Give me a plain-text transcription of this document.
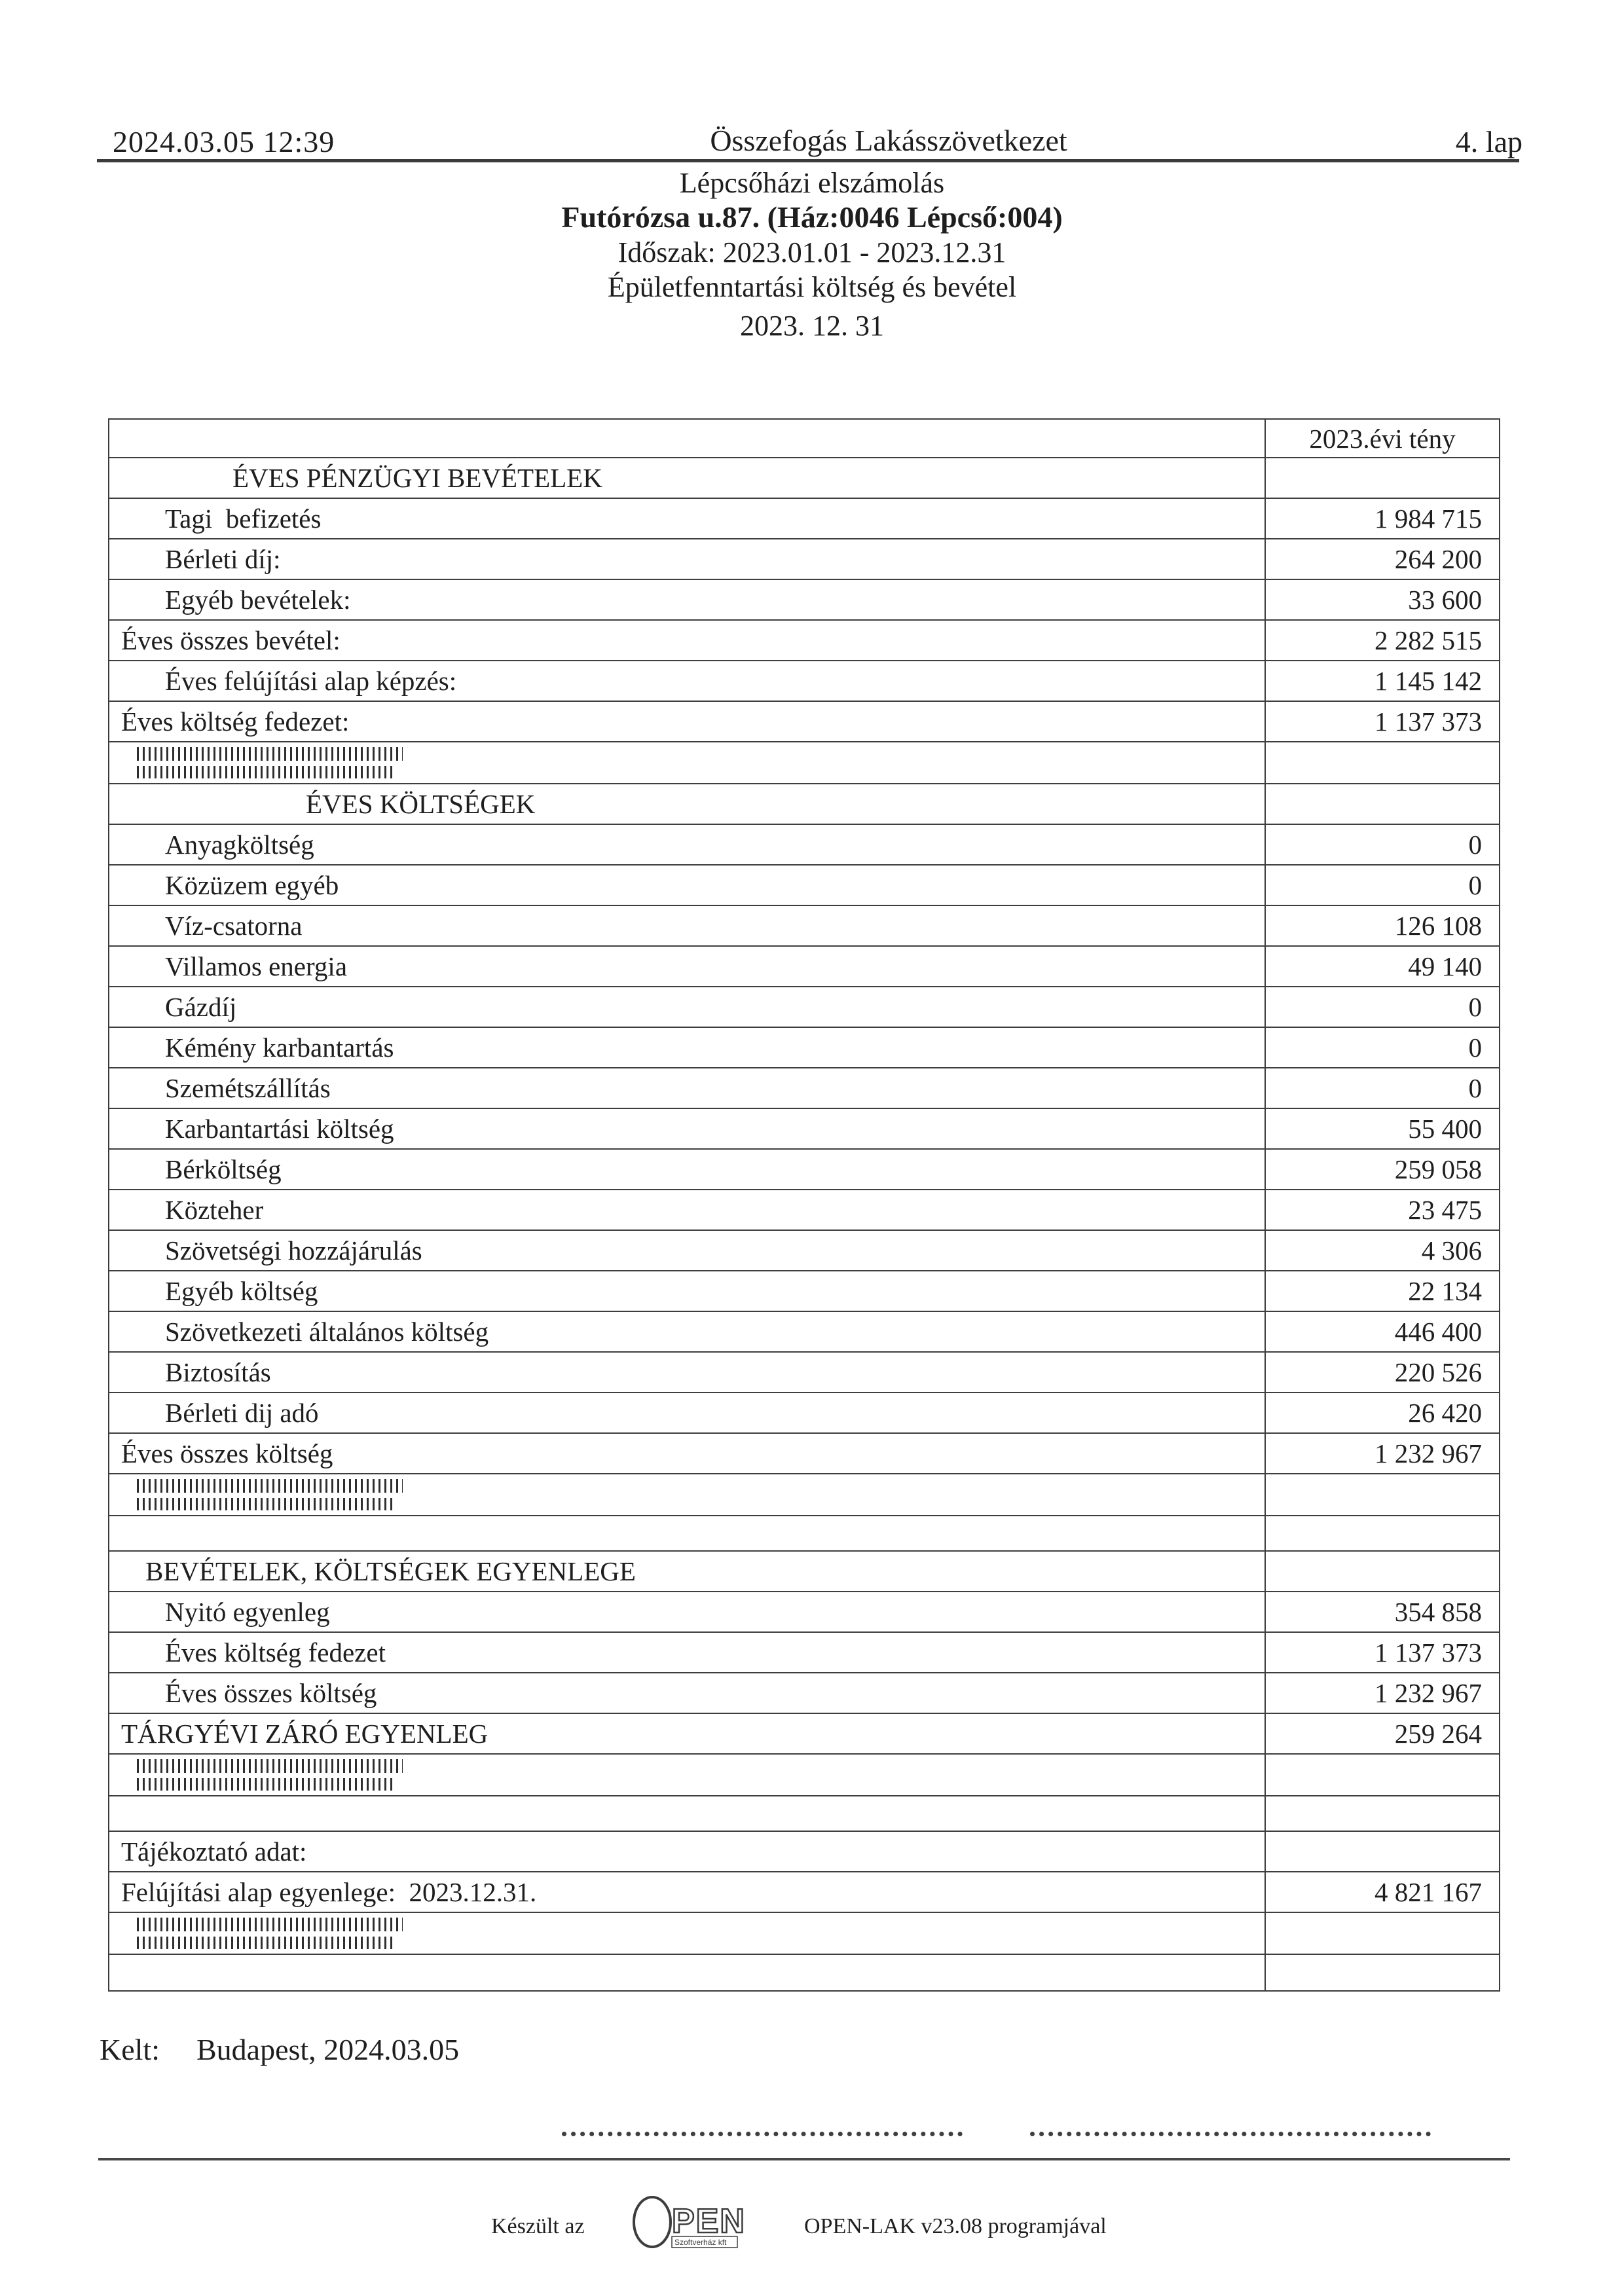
2024.03.05 12:39	Összefogás Lakásszövetkezet	4. lap
Lépcsőházi elszámolás
Futórózsa u.87. (Ház:0046 Lépcső:004)
Időszak: 2023.01.01 - 2023.12.31
Épületfenntartási költség és bevétel
2023. 12. 31
2023.évi tény
ÉVES PÉNZÜGYI BEVÉTELEK
Tagi  befizetés	1 984 715
Bérleti díj:	264 200
Egyéb bevételek:	33 600
Éves összes bevétel:	2 282 515
Éves felújítási alap képzés:	1 145 142
Éves költség fedezet:	1 137 373
ÉVES KÖLTSÉGEK
Anyagköltség	0
Közüzem egyéb	0
Víz-csatorna	126 108
Villamos energia	49 140
Gázdíj	0
Kémény karbantartás	0
Szemétszállítás	0
Karbantartási költség	55 400
Bérköltség	259 058
Közteher	23 475
Szövetségi hozzájárulás	4 306
Egyéb költség	22 134
Szövetkezeti általános költség	446 400
Biztosítás	220 526
Bérleti dij adó	26 420
Éves összes költség	1 232 967
BEVÉTELEK, KÖLTSÉGEK EGYENLEGE
Nyitó egyenleg	354 858
Éves költség fedezet	1 137 373
Éves összes költség	1 232 967
TÁRGYÉVI ZÁRÓ EGYENLEG	259 264
Tájékoztató adat:
Felújítási alap egyenlege:  2023.12.31.	4 821 167
Kelt: Budapest, 2024.03.05
Készült az	PEN
Szoftverház kft
OPEN-LAK v23.08 programjával
